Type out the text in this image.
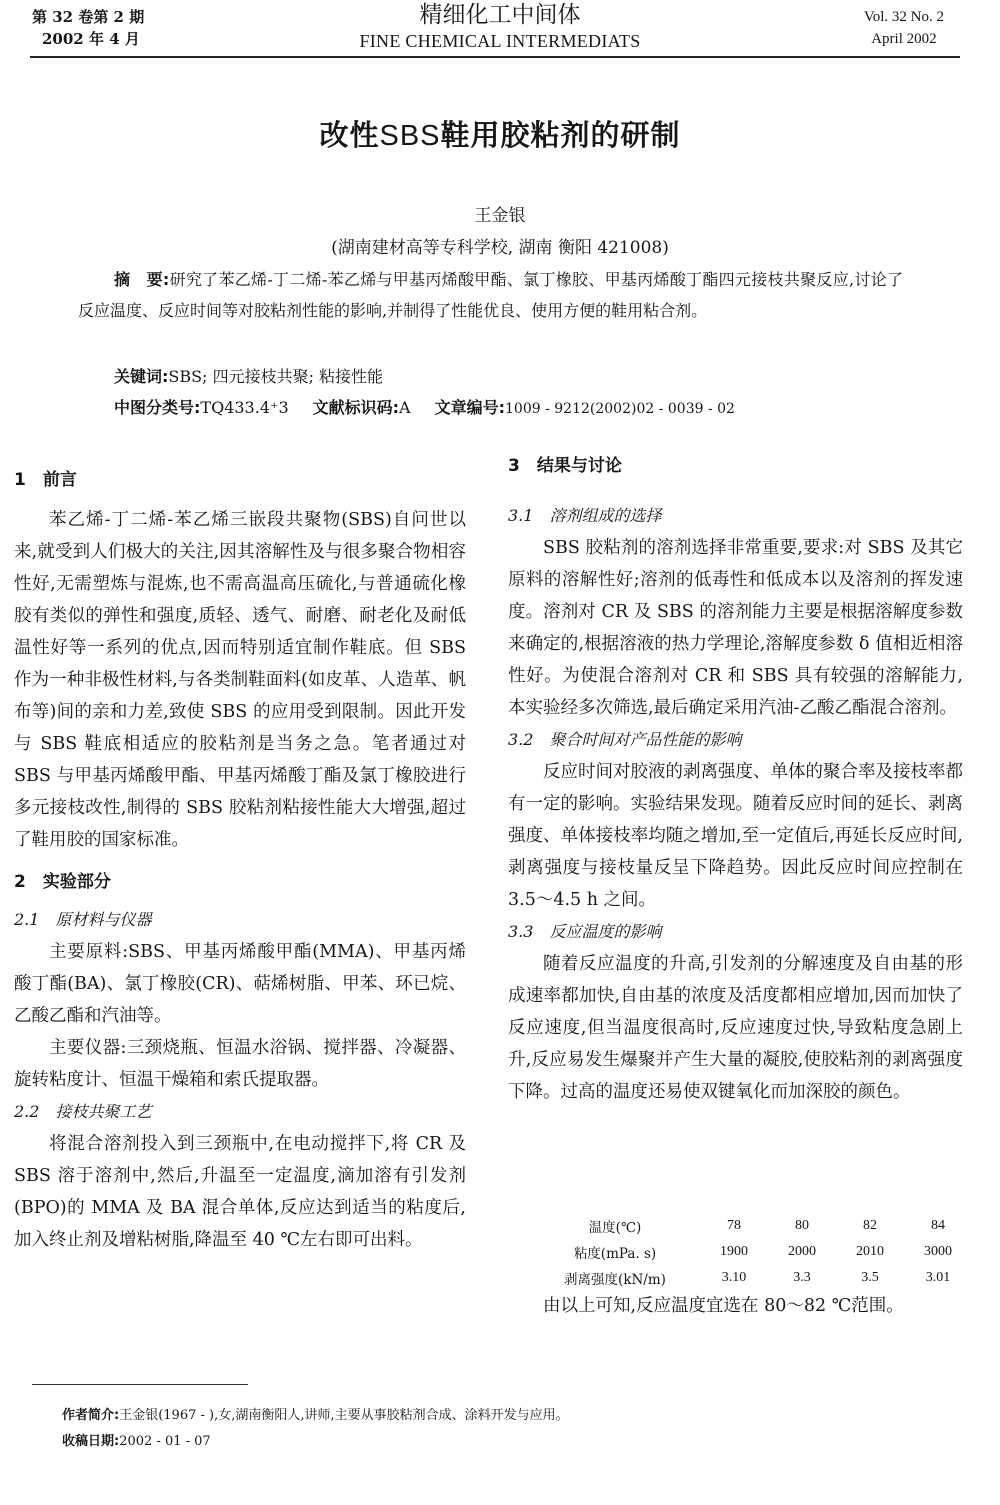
第 32 卷第 2 期
2002 年 4 月
精细化工中间体
FINE CHEMICAL INTERMEDIATS
Vol. 32 No. 2
April 2002
改性SBS鞋用胶粘剂的研制
王金银
(湖南建材高等专科学校, 湖南 衡阳 421008)
摘　要:研究了苯乙烯-丁二烯-苯乙烯与甲基丙烯酸甲酯、氯丁橡胶、甲基丙烯酸丁酯四元接枝共聚反应,讨论了反应温度、反应时间等对胶粘剂性能的影响,并制得了性能优良、使用方便的鞋用粘合剂。
关键词:SBS; 四元接枝共聚; 粘接性能
中图分类号:TQ433.4⁺3 文献标识码:A 文章编号:1009 - 9212(2002)02 - 0039 - 02
1　前言

苯乙烯-丁二烯-苯乙烯三嵌段共聚物(SBS)自问世以来,就受到人们极大的关注,因其溶解性及与很多聚合物相容性好,无需塑炼与混炼,也不需高温高压硫化,与普通硫化橡胶有类似的弹性和强度,质轻、透气、耐磨、耐老化及耐低温性好等一系列的优点,因而特别适宜制作鞋底。但 SBS 作为一种非极性材料,与各类制鞋面料(如皮革、人造革、帆布等)间的亲和力差,致使 SBS 的应用受到限制。因此开发与 SBS 鞋底相适应的胶粘剂是当务之急。笔者通过对 SBS 与甲基丙烯酸甲酯、甲基丙烯酸丁酯及氯丁橡胶进行多元接枝改性,制得的 SBS 胶粘剂粘接性能大大增强,超过了鞋用胶的国家标准。

2　实验部分
2.1　原材料与仪器

主要原料:SBS、甲基丙烯酸甲酯(MMA)、甲基丙烯酸丁酯(BA)、氯丁橡胶(CR)、萜烯树脂、甲苯、环已烷、乙酸乙酯和汽油等。

主要仪器:三颈烧瓶、恒温水浴锅、搅拌器、冷凝器、旋转粘度计、恒温干燥箱和索氏提取器。

2.2　接枝共聚工艺

将混合溶剂投入到三颈瓶中,在电动搅拌下,将 CR 及 SBS 溶于溶剂中,然后,升温至一定温度,滴加溶有引发剂(BPO)的 MMA 及 BA 混合单体,反应达到适当的粘度后,加入终止剂及增粘树脂,降温至 40 ℃左右即可出料。

3　结果与讨论
3.1　溶剂组成的选择

SBS 胶粘剂的溶剂选择非常重要,要求:对 SBS 及其它原料的溶解性好;溶剂的低毒性和低成本以及溶剂的挥发速度。溶剂对 CR 及 SBS 的溶剂能力主要是根据溶解度参数来确定的,根据溶液的热力学理论,溶解度参数 δ 值相近相溶性好。为使混合溶剂对 CR 和 SBS 具有较强的溶解能力,本实验经多次筛选,最后确定采用汽油-乙酸乙酯混合溶剂。

3.2　聚合时间对产品性能的影响

反应时间对胶液的剥离强度、单体的聚合率及接枝率都有一定的影响。实验结果发现。随着反应时间的延长、剥离强度、单体接枝率均随之增加,至一定值后,再延长反应时间,剥离强度与接枝量反呈下降趋势。因此反应时间应控制在 3.5～4.5 h 之间。

3.3　反应温度的影响

随着反应温度的升高,引发剂的分解速度及自由基的形成速率都加快,自由基的浓度及活度都相应增加,因而加快了反应速度,但当温度很高时,反应速度过快,导致粘度急剧上升,反应易发生爆聚并产生大量的凝胶,使胶粘剂的剥离强度下降。过高的温度还易使双键氧化而加深胶的颜色。

温度(℃)	78	80	82	84
粘度(mPa. s)	1900	2000	2010	3000
剥离强度(kN/m)	3.10	3.3	3.5	3.01
由以上可知,反应温度宜选在 80～82 ℃范围。
作者简介:王金银(1967 - ),女,湖南衡阳人,讲师,主要从事胶粘剂合成、涂料开发与应用。
收稿日期:2002 - 01 - 07
